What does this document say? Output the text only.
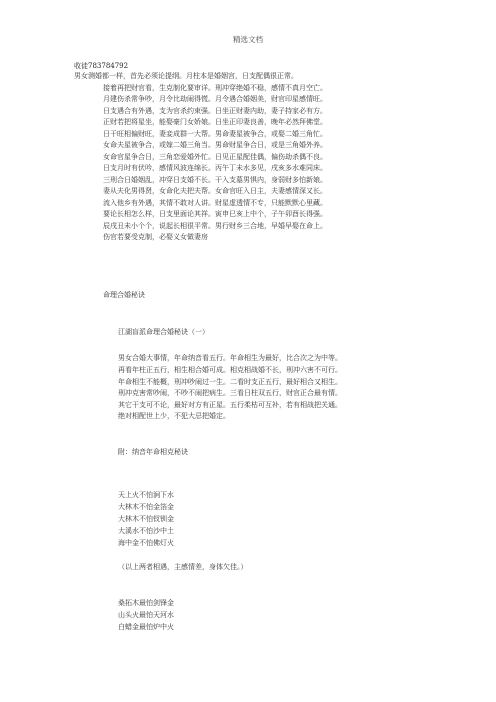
精选文档
收徒783784792
男女测婚都一样，首先必须论提纲。月柱本是婚姻宫，日支配偶很正常。
接着再把财官看，生克制化要审详。刑冲穿绝婚不稳，感情不真月空亡。
月建伤杀常争吵，月令比劫闹得慌。月令遇合婚姻美，财官印星感情旺。
日支遇合有外遇，支为官杀约束强。日坐正财妻内助，妻子持家必有方。
正财若把将星坐，能娶豪门女娇娘。日坐正印妻良善，晚年必然拜佛堂。
日干旺相偏财旺，妻妾成群一大帮。男命妻星被争合，或娶二婚三角忙。
女命夫星被争合，或嫁二婚三角当。男命财星争合日，或是三角婚外养。
女命官星争合日，三角恋爱婚外忙。日见正星配佳偶，偏伤劫杀偶不良。
日支月时有伏吟，感情风波连绵长。丙午丁未水多见，戌亥多水难同床。
三刑合日婚姻乱，冲穿日支婚不长。干入支墓男惧内，身弱财多怕新娘。
妻从夫化男得贤，女命化夫把夫帮。女命官旺入日主，夫妻感情深又长。
流入他乡有外遇，其情不敢对人讲。财星虚透情不专，只能默默心里藏。
要论长相怎么样，日支里面论其祥。寅申巳亥上中个，子午卯酉长得强。
辰戌丑未小个个，说起长相很平常。男行财乡三合地，早婚早娶在命上。
伤官若要受克制，必娶义女做妻房
命理合婚秘诀
江湖盲派命理合婚秘诀（一）
男女合婚大事情，年命纳音看五行。年命相生为最好，比合次之为中等。
再看年柱正五行，相生相合婚可成。相克相战婚不长，刑冲六害不可行。
年命相生不能概，刑冲吵闹过一生。二看时支正五行，最好相合又相生。
刑冲克害常吵闹，不吵不闹把病生。三看日柱双五行，财官正合最有情。
其它干支可不论，最好对方有正星。五行柔枯可互补，若有相战把关通。
绝对相配世上少，不犯大忌把婚定。
附：纳音年命相克秘诀
天上火不怕涧下水
大林木不怕金箔金
大林木不怕钗钏金
大溪水不怕沙中土
海中金不怕佛灯火
（以上两者相遇，主感情差，身体欠佳。）
桑拓木最怕剑锋金
山头火最怕天河水
白蜡金最怕炉中火
